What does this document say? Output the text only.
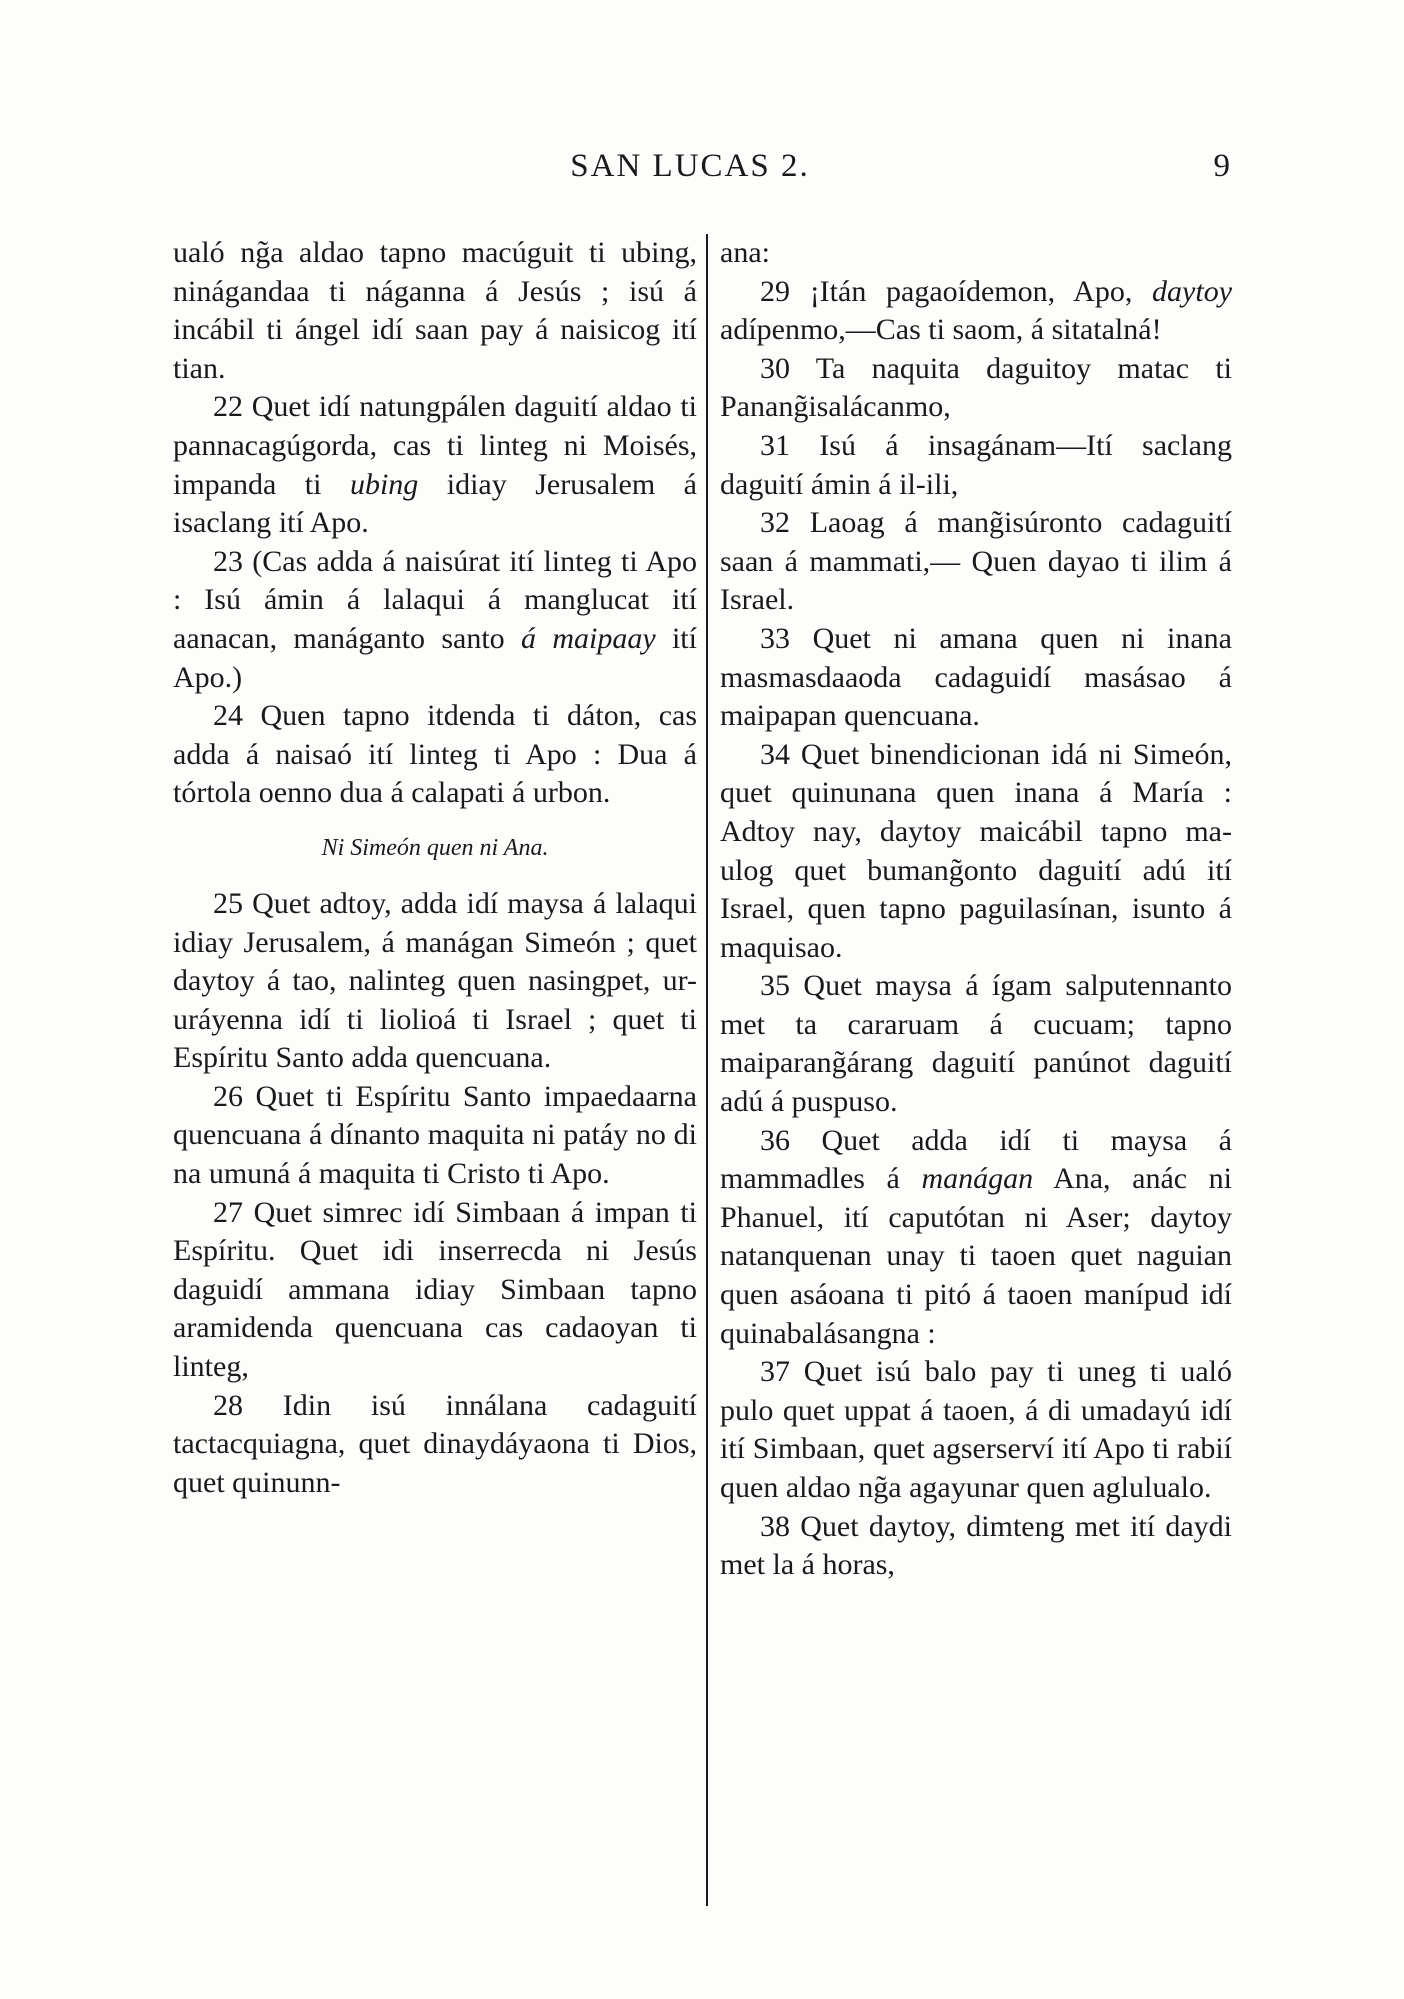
SAN LUCAS 2.	9

ualó ng̃a aldao tapno macúguit ti ubing, ninágandaa ti náganna á Jesús ; isú á incábil ti ángel idí saan pay á naisicog ití tian.

22 Quet idí natungpálen daguití aldao ti pannacagúgorda, cas ti linteg ni Moisés, impanda ti ubing idiay Jerusalem á isaclang ití Apo.

23 (Cas adda á naisúrat ití linteg ti Apo : Isú ámin á lalaqui á manglucat ití aanacan, manáganto santo á maipaay ití Apo.)

24 Quen tapno itdenda ti dáton, cas adda á naisaó ití linteg ti Apo : Dua á tórtola oenno dua á calapati á urbon.

Ni Simeón quen ni Ana.

25 Quet adtoy, adda idí maysa á lalaqui idiay Jerusalem, á manágan Simeón ; quet daytoy á tao, nalinteg quen nasingpet, ur-uráyenna idí ti liolioá ti Israel ; quet ti Espíritu Santo adda quencuana.

26 Quet ti Espíritu Santo impaedaarna quencuana á dínanto maquita ni patáy no di na umuná á maquita ti Cristo ti Apo.

27 Quet simrec idí Simbaan á impan ti Espíritu. Quet idi inserrecda ni Jesús daguidí ammana idiay Simbaan tapno aramidenda quencuana cas cadaoyan ti linteg,

28 Idin isú innálana cadaguití tactacquiagna, quet dinaydáyaona ti Dios, quet quinunn-

ana:

29 ¡Itán pagaoídemon, Apo, daytoy adípenmo,—Cas ti saom, á sitatalná!

30 Ta naquita daguitoy matac ti Panang̃isalácanmo,

31 Isú á insagánam—Ití saclang daguití ámin á il-ili,

32 Laoag á mang̃isúronto cadaguití saan á mammati,— Quen dayao ti ilim á Israel.

33 Quet ni amana quen ni inana masmasdaaoda cadaguidí masásao á maipapan quencuana.

34 Quet binendicionan idá ni Simeón, quet quinunana quen inana á María : Adtoy nay, daytoy maicábil tapno ma-ulog quet bumang̃onto daguití adú ití Israel, quen tapno paguilasínan, isunto á maquisao.

35 Quet maysa á ígam salputennanto met ta cararuam á cucuam; tapno maiparang̃árang daguití panúnot daguití adú á puspuso.

36 Quet adda idí ti maysa á mammadles á manágan Ana, anác ni Phanuel, ití caputótan ni Aser; daytoy natanquenan unay ti taoen quet naguian quen asáoana ti pitó á taoen manípud idí quinabalásangna :

37 Quet isú balo pay ti uneg ti ualó pulo quet uppat á taoen, á di umadayú idí ití Simbaan, quet agserserví ití Apo ti rabií quen aldao ng̃a agayunar quen aglulualo.

38 Quet daytoy, dimteng met ití daydi met la á horas,
